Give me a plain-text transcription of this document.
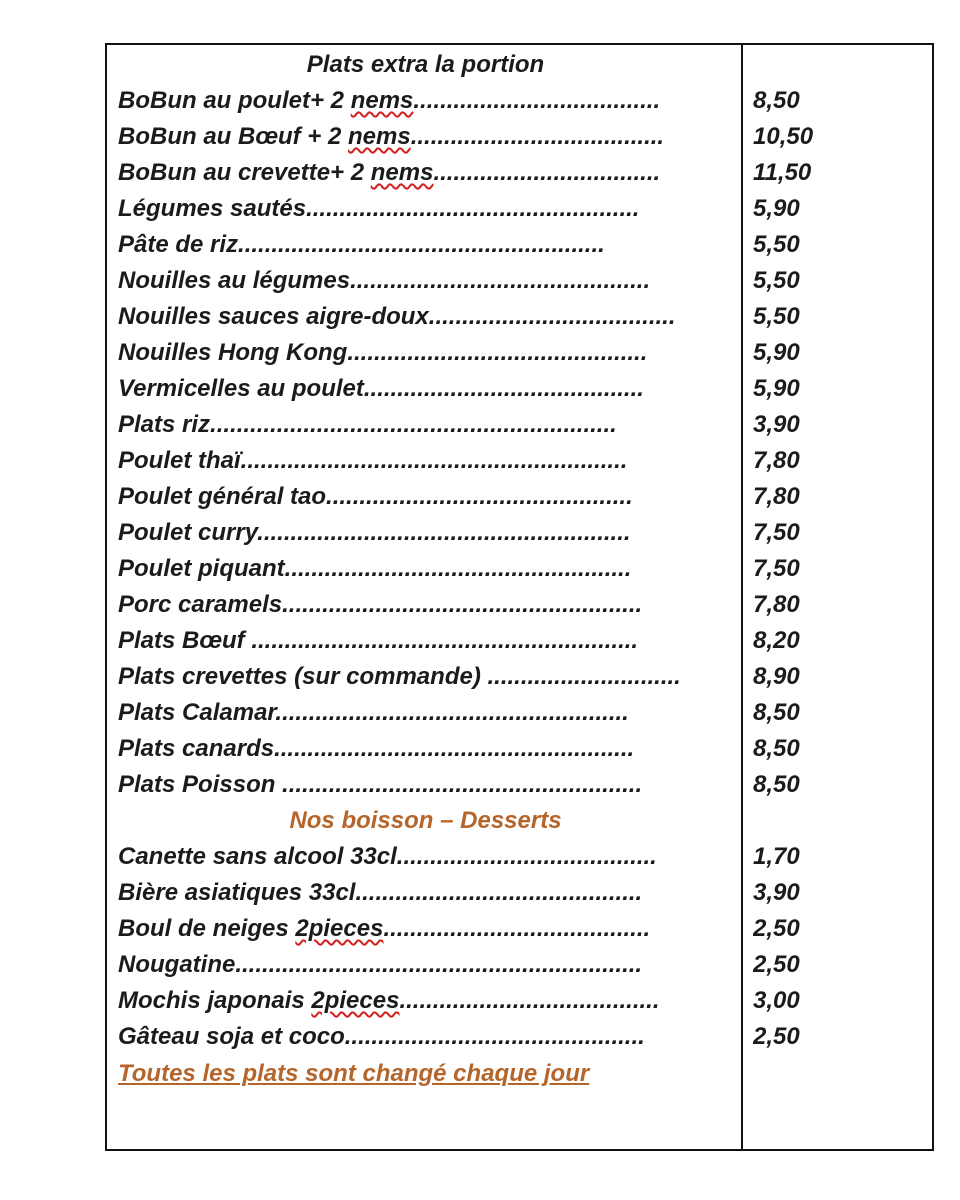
Plats extra la portion
BoBun au poulet+ 2 nems.....................................
BoBun au Bœuf + 2 nems......................................
BoBun au crevette+ 2 nems..................................
Légumes sautés..................................................
Pâte de riz.......................................................
Nouilles au légumes.............................................
Nouilles sauces aigre-doux.....................................
Nouilles Hong Kong.............................................
Vermicelles au poulet..........................................
Plats riz.............................................................
Poulet thaï..........................................................
Poulet général tao..............................................
Poulet curry........................................................
Poulet piquant....................................................
Porc caramels......................................................
Plats Bœuf ..........................................................
Plats crevettes (sur commande) .............................
Plats Calamar.....................................................
Plats canards......................................................
Plats Poisson ......................................................
Nos boisson – Desserts
Canette sans alcool 33cl.......................................
Bière asiatiques 33cl...........................................
Boul de neiges 2pieces........................................
Nougatine.............................................................
Mochis japonais 2pieces.......................................
Gâteau soja et coco.............................................
Toutes les plats sont changé chaque jour
8,50
10,50
11,50
5,90
5,50
5,50
5,50
5,90
5,90
3,90
7,80
7,80
7,50
7,50
7,80
8,20
8,90
8,50
8,50
8,50
1,70
3,90
2,50
2,50
3,00
2,50
